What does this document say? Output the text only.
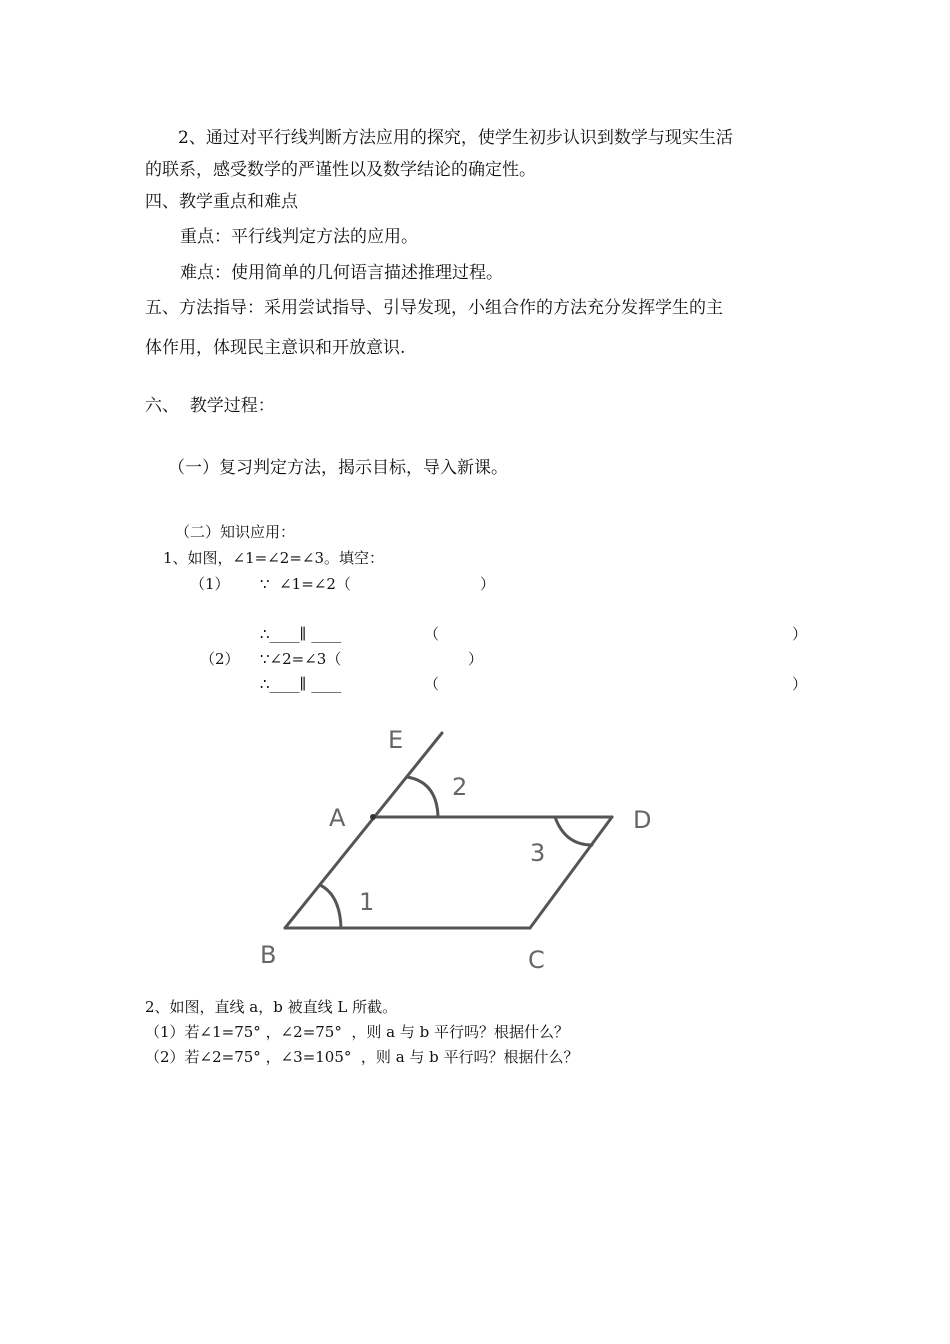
2、通过对平行线判断方法应用的探究，使学生初步认识到数学与现实生活
的联系，感受数学的严谨性以及数学结论的确定性。
四、教学重点和难点
重点：平行线判定方法的应用。
难点：使用简单的几何语言描述推理过程。
五、方法指导：采用尝试指导、引导发现，小组合作的方法充分发挥学生的主
体作用，体现民主意识和开放意识.
六、  教学过程：
（一）复习判定方法，揭示目标，导入新课。
（二）知识应用：
1、如图，∠1=∠2=∠3。填空：
（1） ∵  ∠1=∠2（	）
∴____∥ ____	（	）
（2） ∵∠2=∠3（	）
∴____∥ ____	（	）
E
A	D
B	C
2
3
1
2、如图，直线 a，b 被直线 L 所截。
（1）若∠1=75° ，∠2=75°  ，则 a 与 b 平行吗？根据什么？
（2）若∠2=75° ，∠3=105°  ，则 a 与 b 平行吗？根据什么？
